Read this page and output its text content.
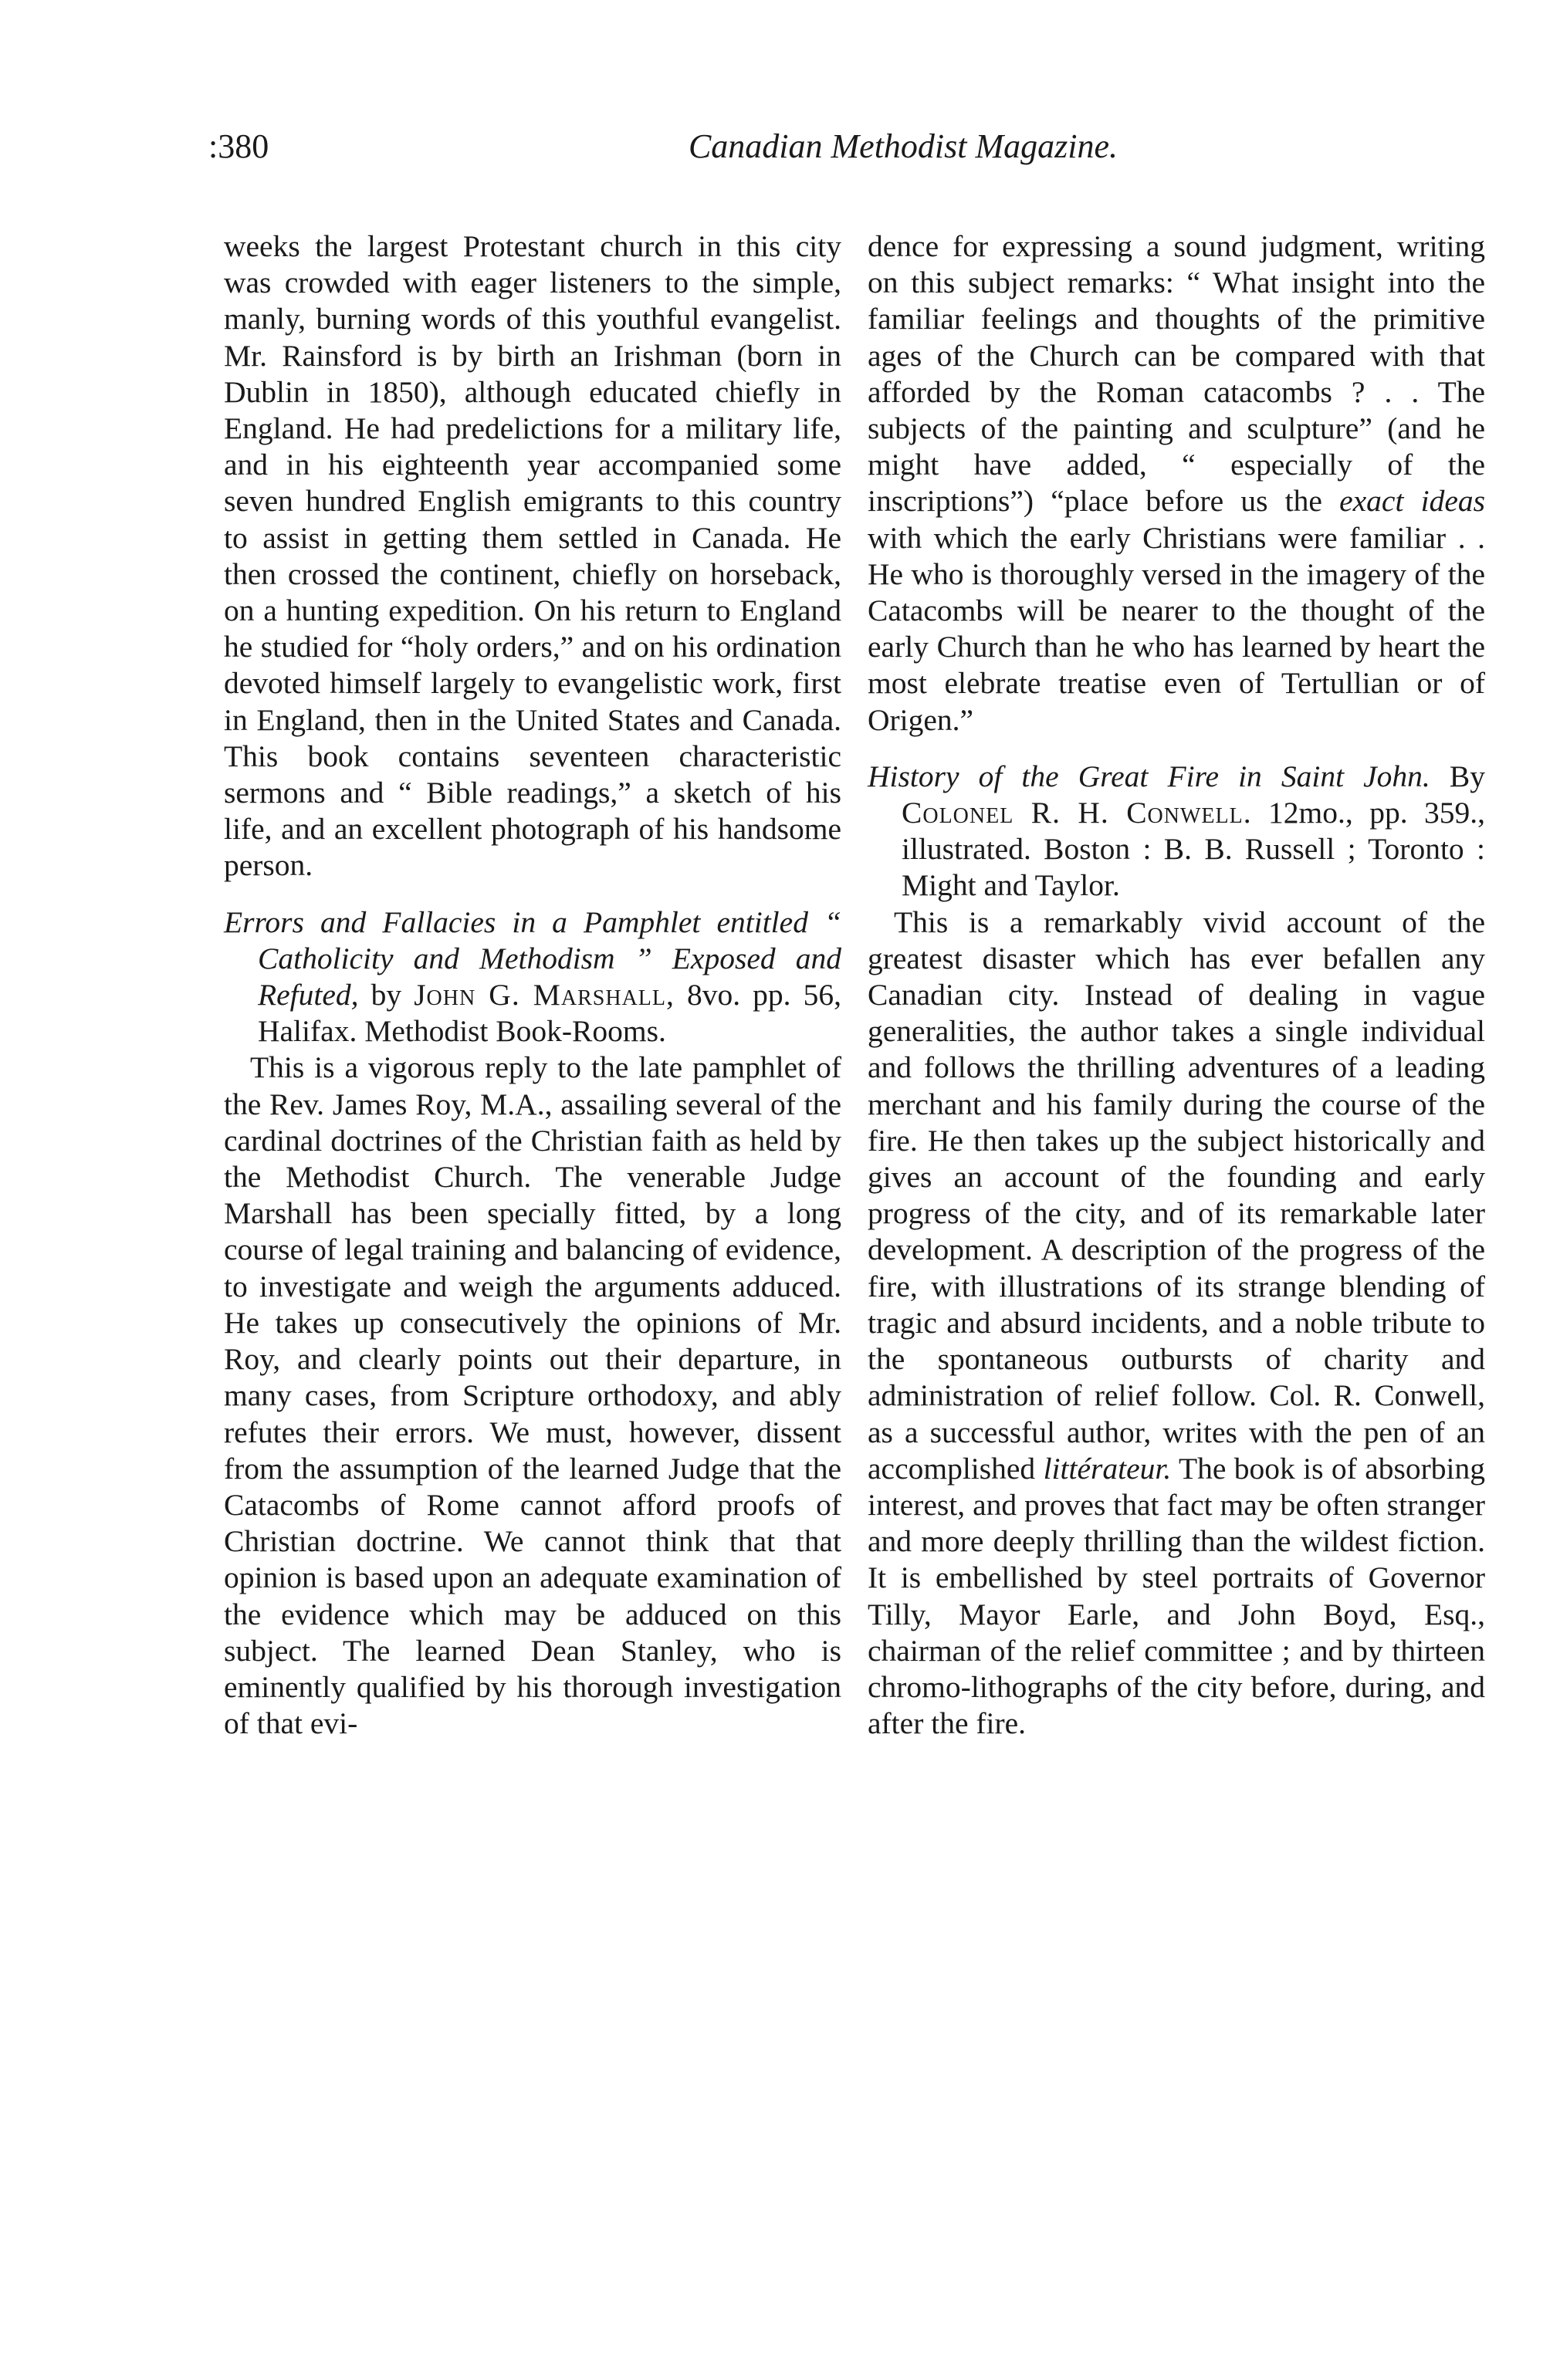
:380	Canadian Methodist Magazine.

weeks the largest Protestant church in this city was crowded with eager listeners to the simple, manly, burning words of this youthful evangelist. Mr. Rainsford is by birth an Irishman (born in Dublin in 1850), although educated chiefly in England. He had predelictions for a military life, and in his eighteenth year accompanied some seven hundred English emigrants to this country to assist in getting them settled in Canada. He then crossed the continent, chiefly on horseback, on a hunting expedition. On his return to England he studied for “holy orders,” and on his ordination devoted himself largely to evangelistic work, first in England, then in the United States and Canada. This book contains seventeen characteristic sermons and “ Bible readings,” a sketch of his life, and an excellent photograph of his handsome person.

Errors and Fallacies in a Pamphlet entitled “ Catholicity and Methodism ” Exposed and Refuted, by John G. Marshall, 8vo. pp. 56, Halifax. Methodist Book-Rooms.

This is a vigorous reply to the late pamphlet of the Rev. James Roy, M.A., assailing several of the cardinal doctrines of the Christian faith as held by the Methodist Church. The venerable Judge Marshall has been specially fitted, by a long course of legal training and balancing of evidence, to investigate and weigh the arguments adduced. He takes up consecutively the opinions of Mr. Roy, and clearly points out their departure, in many cases, from Scripture orthodoxy, and ably refutes their errors. We must, however, dissent from the assumption of the learned Judge that the Catacombs of Rome cannot afford proofs of Christian doctrine. We cannot think that that opinion is based upon an adequate examination of the evidence which may be adduced on this subject. The learned Dean Stanley, who is eminently qualified by his thorough investigation of that evi-

dence for expressing a sound judgment, writing on this subject remarks: “ What insight into the familiar feelings and thoughts of the primitive ages of the Church can be compared with that afforded by the Roman catacombs ? . . The subjects of the painting and sculpture” (and he might have added, “ especially of the inscriptions”) “place before us the exact ideas with which the early Christians were familiar . . He who is thoroughly versed in the imagery of the Catacombs will be nearer to the thought of the early Church than he who has learned by heart the most elebrate treatise even of Tertullian or of Origen.”

History of the Great Fire in Saint John. By Colonel R. H. Conwell. 12mo., pp. 359., illustrated. Boston : B. B. Russell ; Toronto : Might and Taylor.

This is a remarkably vivid account of the greatest disaster which has ever befallen any Canadian city. Instead of dealing in vague generalities, the author takes a single individual and follows the thrilling adventures of a leading merchant and his family during the course of the fire. He then takes up the subject historically and gives an account of the founding and early progress of the city, and of its remarkable later development. A description of the progress of the fire, with illustrations of its strange blending of tragic and absurd incidents, and a noble tribute to the spontaneous outbursts of charity and administration of relief follow. Col. R. Conwell, as a successful author, writes with the pen of an accomplished littérateur. The book is of absorbing interest, and proves that fact may be often stranger and more deeply thrilling than the wildest fiction. It is embellished by steel portraits of Governor Tilly, Mayor Earle, and John Boyd, Esq., chairman of the relief committee ; and by thirteen chromo-lithographs of the city before, during, and after the fire.
